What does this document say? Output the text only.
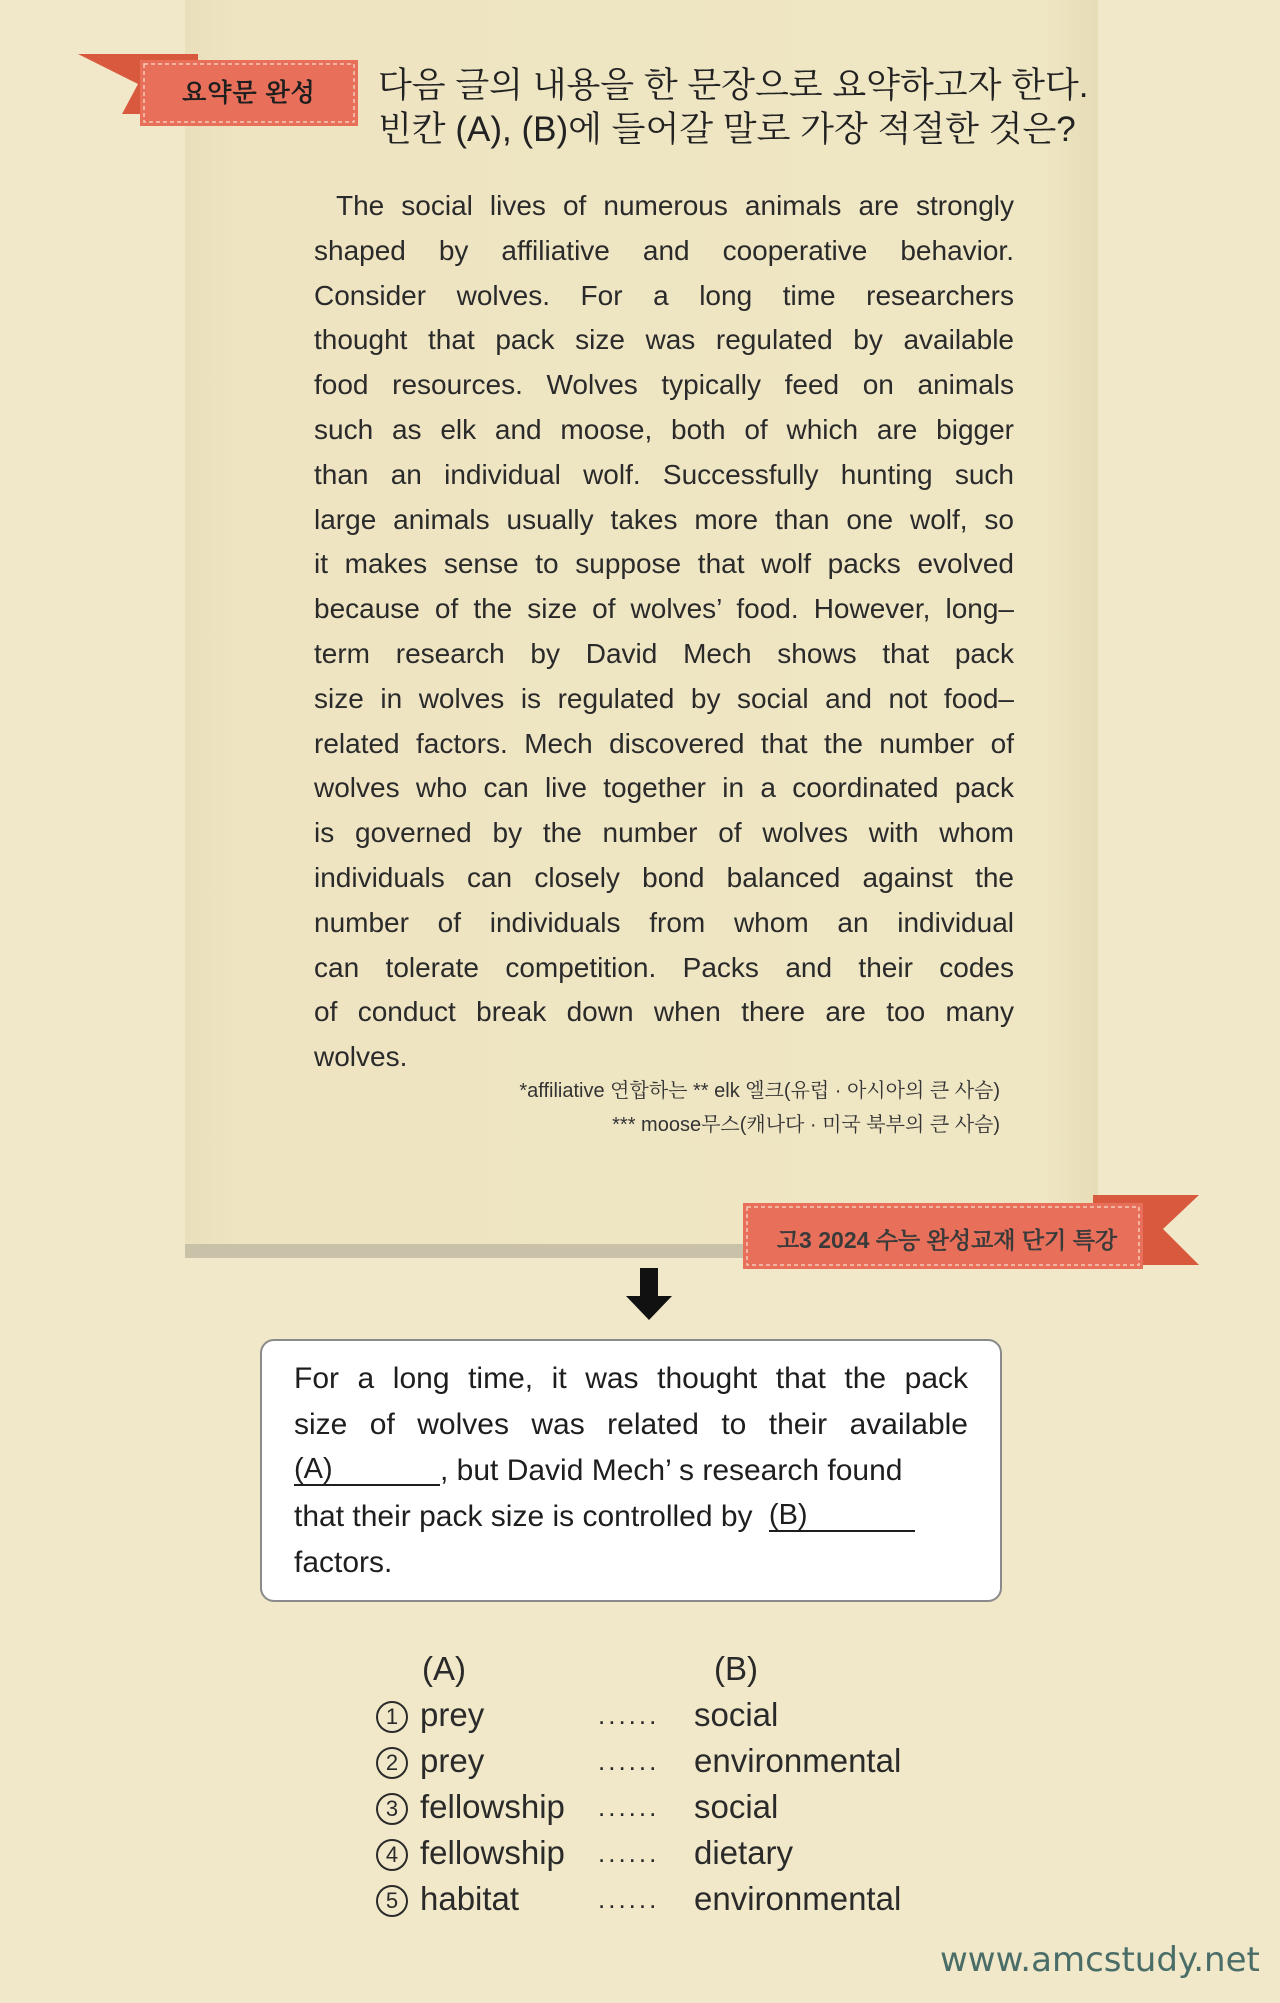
요약문 완성	다음 글의 내용을 한 문장으로 요약하고자 한다.
빈칸 (A), (B)에 들어갈 말로 가장 적절한 것은?
The social lives of numerous animals are strongly
shaped by affiliative and cooperative behavior.
Consider wolves. For a long time researchers
thought that pack size was regulated by available
food resources. Wolves typically feed on animals
such as elk and moose, both of which are bigger
than an individual wolf. Successfully hunting such
large animals usually takes more than one wolf, so
it makes sense to suppose that wolf packs evolved
because of the size of wolves’ food. However, long–
term research by David Mech shows that pack
size in wolves is regulated by social and not food–
related factors. Mech discovered that the number of
wolves who can live together in a coordinated pack
is governed by the number of wolves with whom
individuals can closely bond balanced against the
number of individuals from whom an individual
can tolerate competition. Packs and their codes
of conduct break down when there are too many
wolves.
*affiliative 연합하는 ** elk 엘크(유럽 · 아시아의 큰 사슴)
*** moose무스(캐나다 · 미국 북부의 큰 사슴)
고3 2024 수능 완성교재 단기 특강
For a long time, it was thought that the pack
size of wolves was related to their available
(A)	, but David Mech’ s research found
that their pack size is controlled by (B)
factors.
(A)	(B)
1 prey	...... social
2 prey	...... environmental
3 fellowship ...... social
4 fellowship ...... dietary
5 habitat	...... environmental
www.amcstudy.net
